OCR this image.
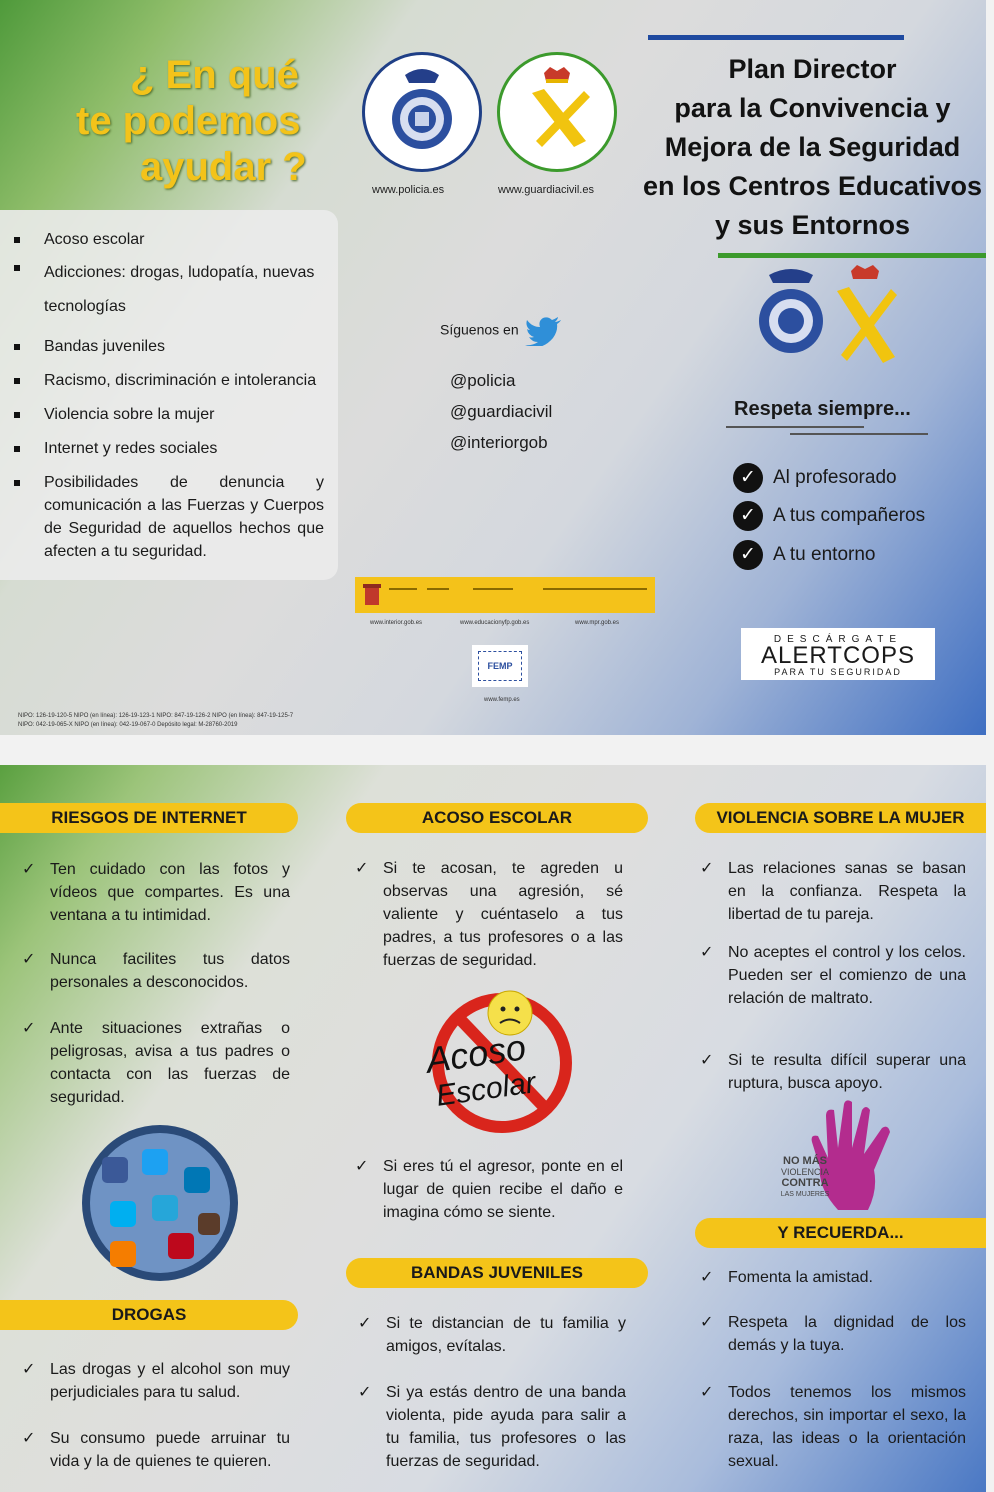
¿ En qué
te podemos
ayudar ?
Acoso escolar
Adicciones: drogas, ludopatía, nuevas tecnologías
Bandas juveniles
Racismo, discriminación e intolerancia
Violencia sobre la mujer
Internet y redes sociales
Posibilidades de denuncia y comunicación a las Fuerzas y Cuerpos de Seguridad de aquellos hechos que afecten a tu seguridad.
www.policia.es	www.guardiacivil.es
Síguenos en
@policia
@guardiacivil
@interiorgob
Plan Director
para la Convivencia y
Mejora de la Seguridad
en los Centros Educativos
y sus Entornos
Respeta siempre...
✓ Al profesorado
✓ A tus compañeros
✓ A tu entorno
www.interior.gob.es	www.educacionyfp.gob.es	www.mpr.gob.es
FEMP
www.femp.es
NIPO: 126-19-120-5 NIPO (en línea): 126-19-123-1 NIPO: 847-19-126-2 NIPO (en línea): 847-19-125-7
NIPO: 042-19-065-X NIPO (en línea): 042-19-067-0 Depósito legal: M-28760-2019
DESCÁRGATE
ALERTCOPS
PARA TU SEGURIDAD
RIESGOS DE INTERNET
✓ Ten cuidado con las fotos y vídeos que compartes. Es una ventana a tu intimidad.
✓ Nunca facilites tus datos personales a desconocidos.
✓ Ante situaciones extrañas o peligrosas, avisa a tus padres o contacta con las fuerzas de seguridad.
DROGAS
✓ Las drogas y el alcohol son muy perjudiciales para tu salud.
✓ Su consumo puede arruinar tu vida y la de quienes te quieren.
ACOSO ESCOLAR
✓ Si te acosan, te agreden u observas una agresión, sé valiente y cuéntaselo a tus padres, a tus profesores o a las fuerzas de seguridad.
Acoso
Escolar
✓ Si eres tú el agresor, ponte en el lugar de quien recibe el daño e imagina cómo se siente.
BANDAS JUVENILES
✓ Si te distancian de tu familia y amigos, evítalas.
✓ Si ya estás dentro de una banda violenta, pide ayuda para salir a tu familia, tus profesores o las fuerzas de seguridad.
VIOLENCIA SOBRE LA MUJER
✓ Las relaciones sanas se basan en la confianza. Respeta la libertad de tu pareja.
✓ No aceptes el control y los celos. Pueden ser el comienzo de una relación de maltrato.
✓ Si te resulta difícil superar una ruptura, busca apoyo.
NO MÁS
VIOLENCIA
CONTRA
LAS MUJERES
Y RECUERDA...
✓ Fomenta la amistad.
✓ Respeta la dignidad de los demás y la tuya.
✓ Todos tenemos los mismos derechos, sin importar el sexo, la raza, las ideas o la orientación sexual.
